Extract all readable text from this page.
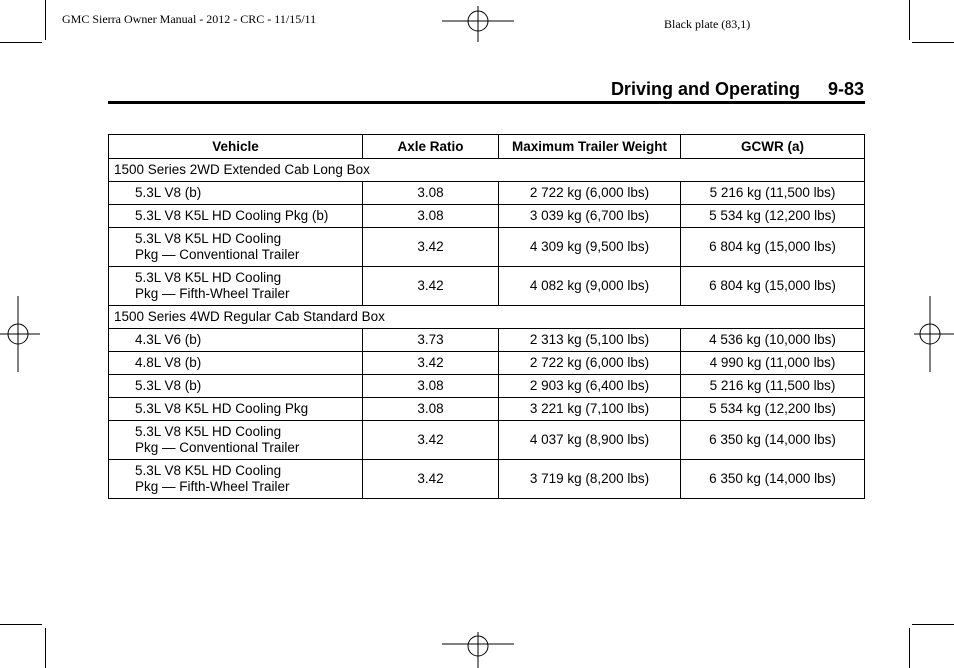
GMC Sierra Owner Manual - 2012 - CRC - 11/15/11	Black plate (83,1)
Driving and Operating 9-83
Vehicle	Axle Ratio	Maximum Trailer Weight	GCWR (a)
1500 Series 2WD Extended Cab Long Box			
5.3L V8 (b)	3.08	2 722 kg (6,000 lbs)	5 216 kg (11,500 lbs)
5.3L V8 K5L HD Cooling Pkg (b)	3.08	3 039 kg (6,700 lbs)	5 534 kg (12,200 lbs)
5.3L V8 K5L HD Cooling
Pkg — Conventional Trailer	3.42	4 309 kg (9,500 lbs)	6 804 kg (15,000 lbs)
5.3L V8 K5L HD Cooling
Pkg — Fifth-Wheel Trailer	3.42	4 082 kg (9,000 lbs)	6 804 kg (15,000 lbs)
1500 Series 4WD Regular Cab Standard Box			
4.3L V6 (b)	3.73	2 313 kg (5,100 lbs)	4 536 kg (10,000 lbs)
4.8L V8 (b)	3.42	2 722 kg (6,000 lbs)	4 990 kg (11,000 lbs)
5.3L V8 (b)	3.08	2 903 kg (6,400 lbs)	5 216 kg (11,500 lbs)
5.3L V8 K5L HD Cooling Pkg	3.08	3 221 kg (7,100 lbs)	5 534 kg (12,200 lbs)
5.3L V8 K5L HD Cooling
Pkg — Conventional Trailer	3.42	4 037 kg (8,900 lbs)	6 350 kg (14,000 lbs)
5.3L V8 K5L HD Cooling
Pkg — Fifth-Wheel Trailer	3.42	3 719 kg (8,200 lbs)	6 350 kg (14,000 lbs)
